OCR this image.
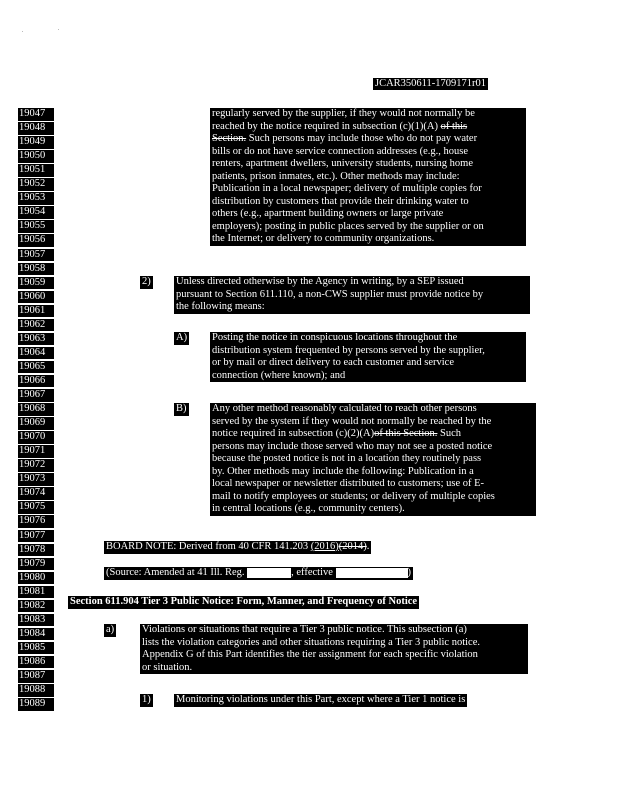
JCAR350611-1709171r01
19047
19048
19049
19050
19051
19052
19053
19054
19055
19056
19057
19058
19059
19060
19061
19062
19063
19064
19065
19066
19067
19068
19069
19070
19071
19072
19073
19074
19075
19076
19077
19078
19079
19080
19081
19082
19083
19084
19085
19086
19087
19088
19089
regularly served by the supplier, if they would not normally be
reached by the notice required in subsection (c)(1)(A) of this
Section. Such persons may include those who do not pay water
bills or do not have service connection addresses (e.g., house
renters, apartment dwellers, university students, nursing home
patients, prison inmates, etc.). Other methods may include:
Publication in a local newspaper; delivery of multiple copies for
distribution by customers that provide their drinking water to
others (e.g., apartment building owners or large private
employers); posting in public places served by the supplier or on
the Internet; or delivery to community organizations.
2) Unless directed otherwise by the Agency in writing, by a SEP issued
pursuant to Section 611.110, a non-CWS supplier must provide notice by
the following means:
A) Posting the notice in conspicuous locations throughout the
distribution system frequented by persons served by the supplier,
or by mail or direct delivery to each customer and service
connection (where known); and
B) Any other method reasonably calculated to reach other persons
served by the system if they would not normally be reached by the
notice required in subsection (c)(2)(A)of this Section. Such
persons may include those served who may not see a posted notice
because the posted notice is not in a location they routinely pass
by. Other methods may include the following: Publication in a
local newspaper or newsletter distributed to customers; use of E-
mail to notify employees or students; or delivery of multiple copies
in central locations (e.g., community centers).
BOARD NOTE: Derived from 40 CFR 141.203 (2016)(2014).
(Source: Amended at 41 Ill. Reg.	, effective	)
Section 611.904 Tier 3 Public Notice: Form, Manner, and Frequency of Notice
a)	Violations or situations that require a Tier 3 public notice. This subsection (a)
lists the violation categories and other situations requiring a Tier 3 public notice.
Appendix G of this Part identifies the tier assignment for each specific violation
or situation.
1) Monitoring violations under this Part, except where a Tier 1 notice is
